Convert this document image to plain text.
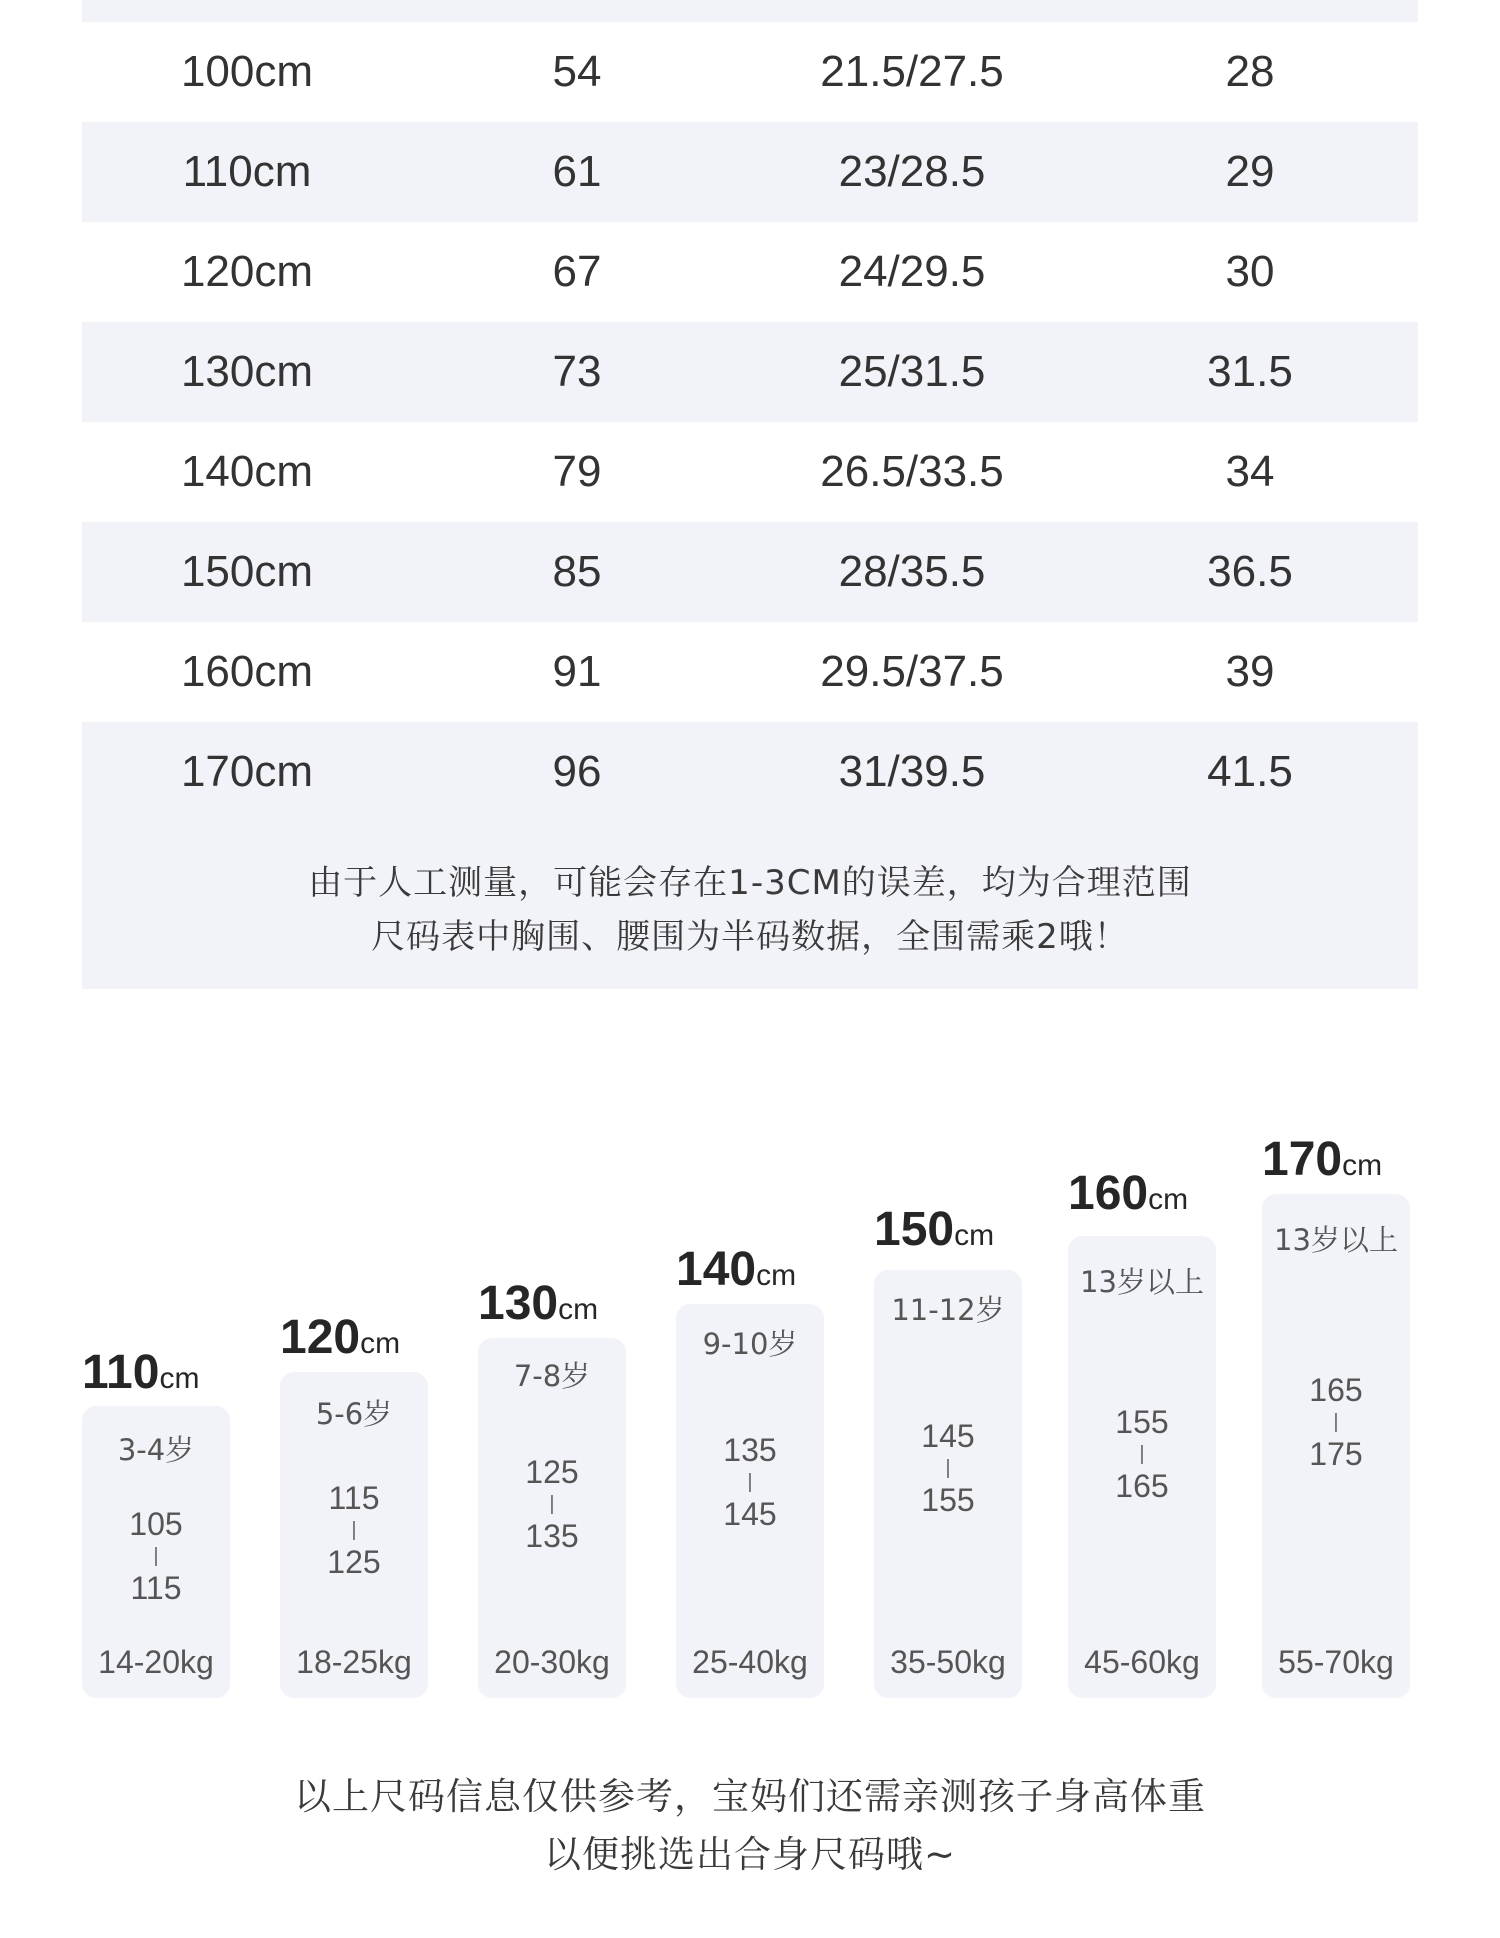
100cm	54	21.5/27.5	28
110cm	61	23/28.5	29
120cm	67	24/29.5	30
130cm	73	25/31.5	31.5
140cm	79	26.5/33.5	34
150cm	85	28/35.5	36.5
160cm	91	29.5/37.5	39
170cm	96	31/39.5	41.5
由于人工测量，可能会存在1-3CM的误差，均为合理范围
尺码表中胸围、腰围为半码数据，全围需乘2哦！
110cm
3-4岁
105
|
115
14-20kg
120cm
5-6岁
115
|
125
18-25kg
130cm
7-8岁
125
|
135
20-30kg
140cm
9-10岁
135
|
145
25-40kg
150cm
11-12岁
145
|
155
35-50kg
160cm
13岁以上
155
|
165
45-60kg
170cm
13岁以上
165
|
175
55-70kg
以上尺码信息仅供参考，宝妈们还需亲测孩子身高体重
以便挑选出合身尺码哦~
